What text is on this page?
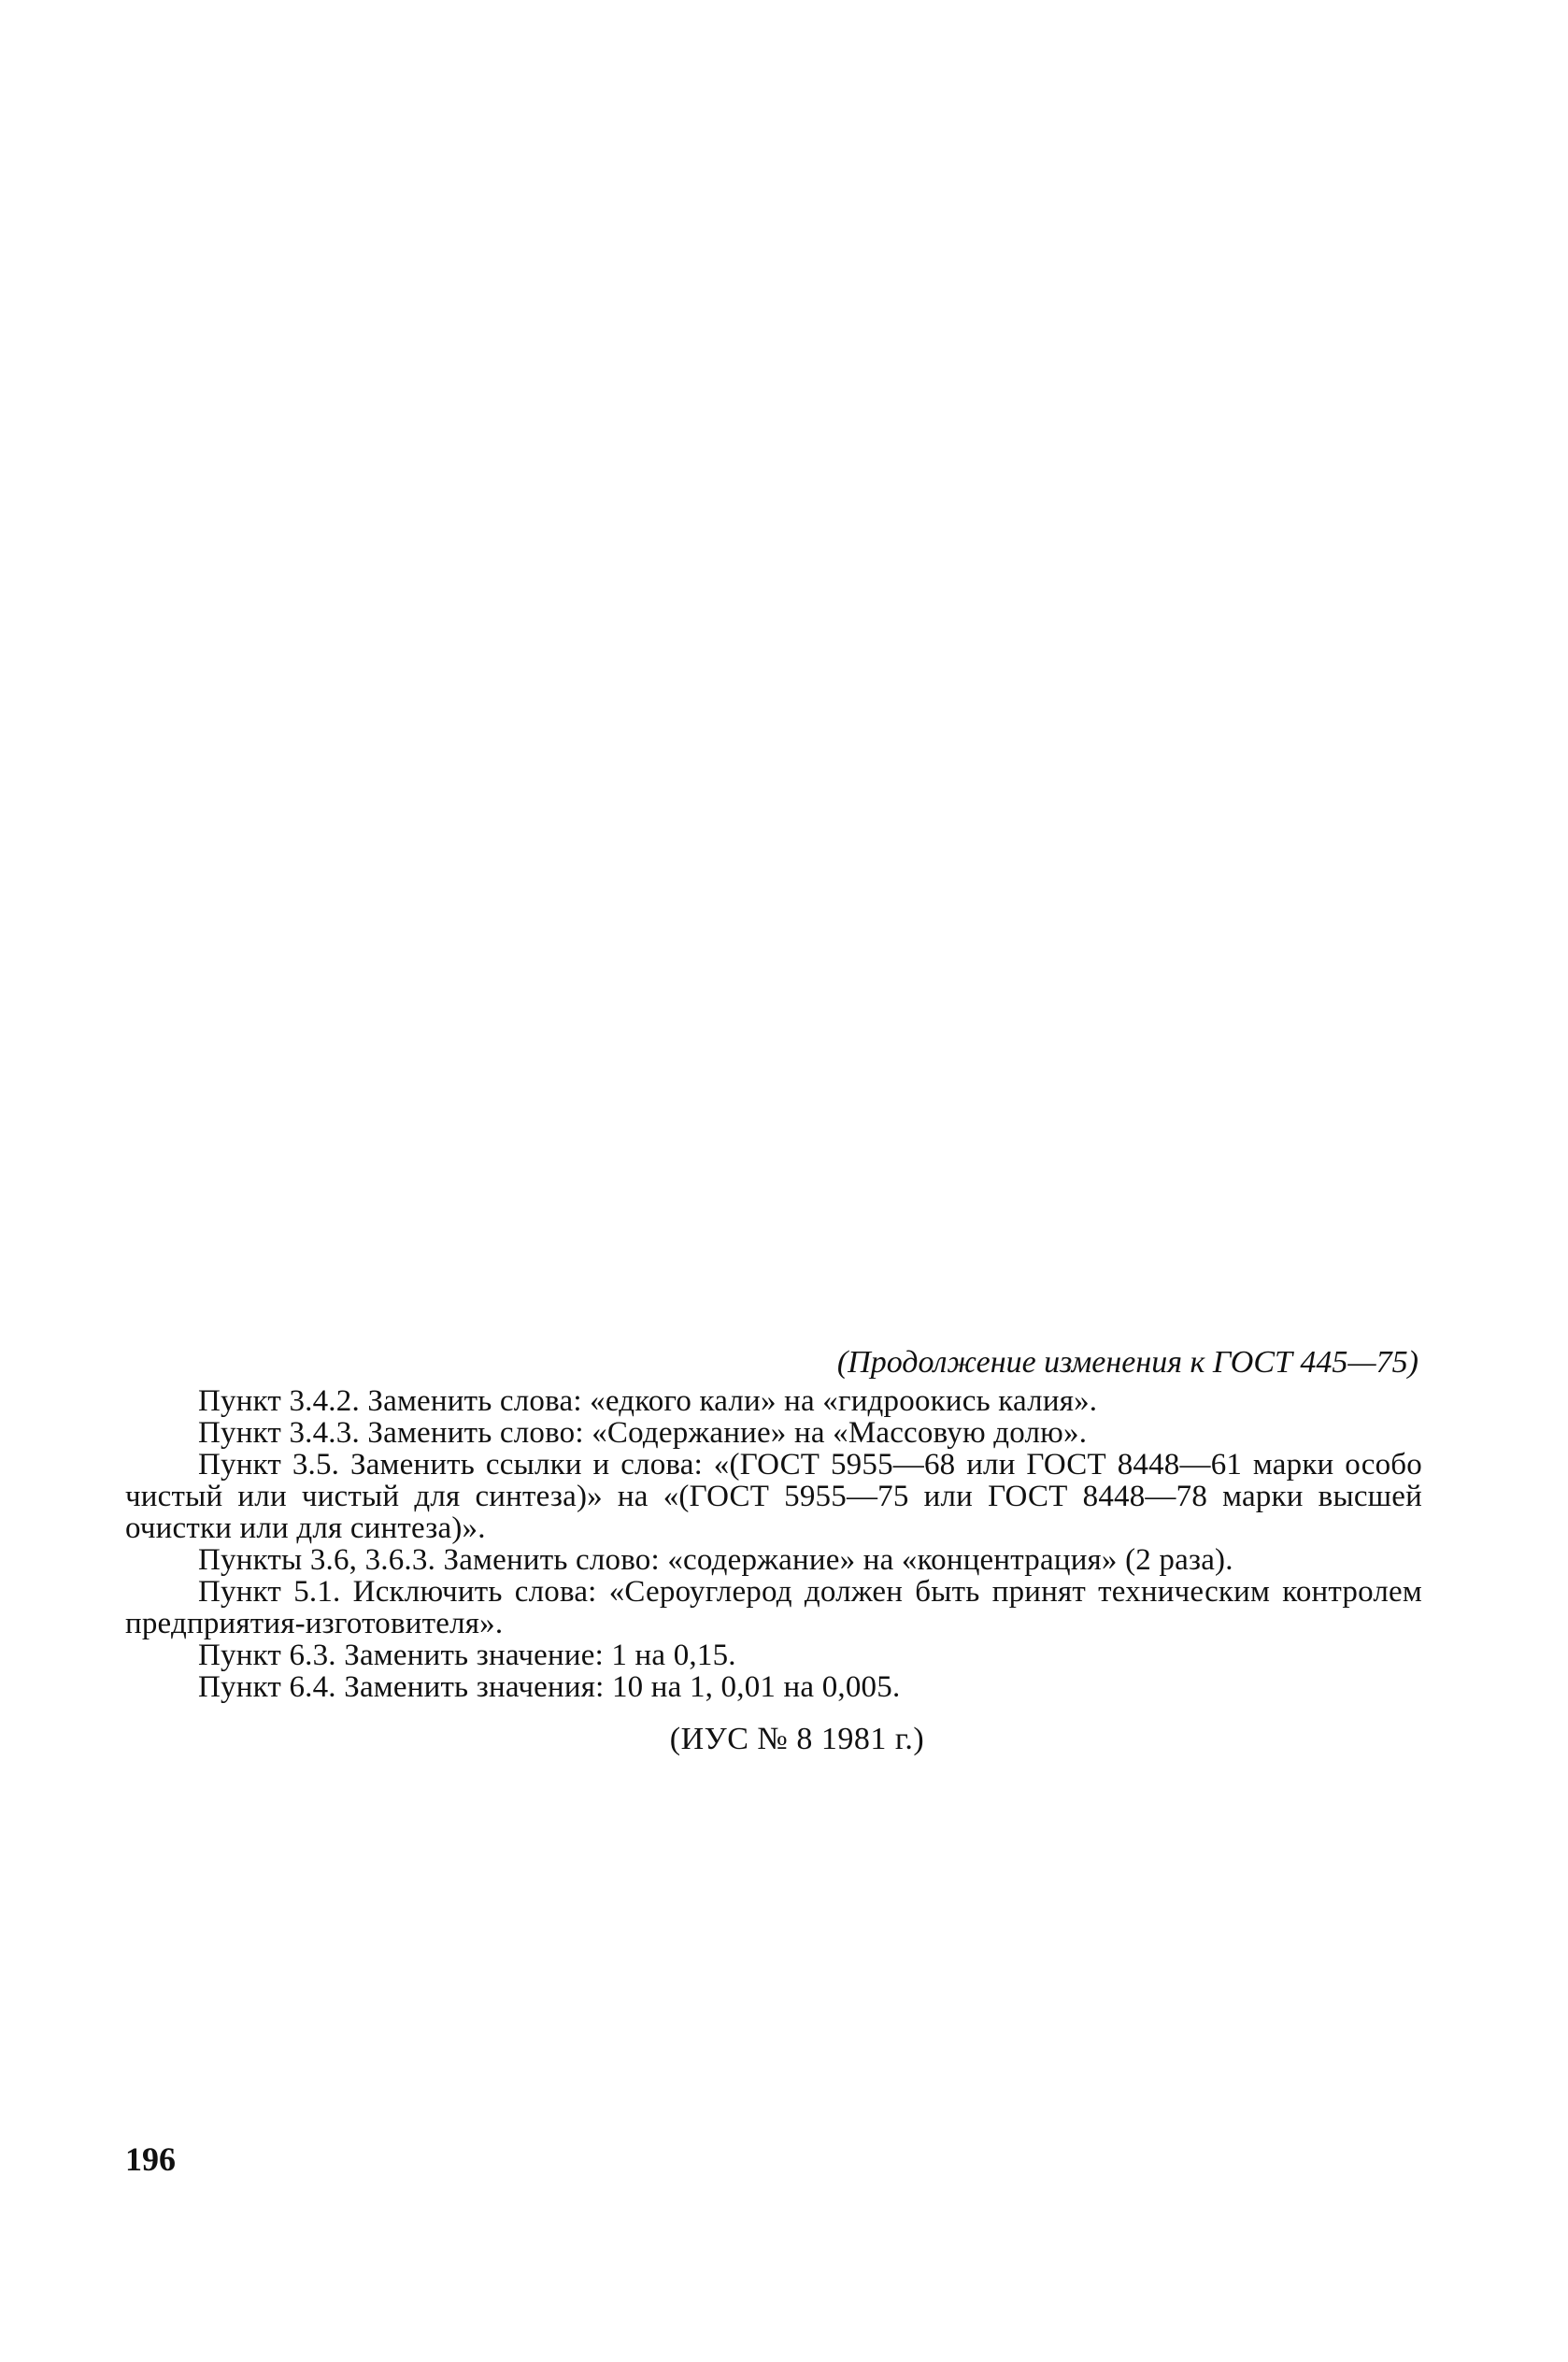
(Продолжение изменения к ГОСТ 445—75)

Пункт 3.4.2. Заменить слова: «едкого кали» на «гидроокись калия».

Пункт 3.4.3. Заменить слово: «Содержание» на «Массовую долю».

Пункт 3.5. Заменить ссылки и слова: «(ГОСТ 5955—68 или ГОСТ 8448—61 марки особо чистый или чистый для синтеза)» на «(ГОСТ 5955—75 или ГОСТ 8448—78 марки высшей очистки или для синтеза)».

Пункты 3.6, 3.6.3. Заменить слово: «содержание» на «концентрация» (2 раза).

Пункт 5.1. Исключить слова: «Сероуглерод должен быть принят техническим контролем предприятия-изготовителя».

Пункт 6.3. Заменить значение: 1 на 0,15.

Пункт 6.4. Заменить значения: 10 на 1, 0,01 на 0,005.

(ИУС № 8 1981 г.)
196
